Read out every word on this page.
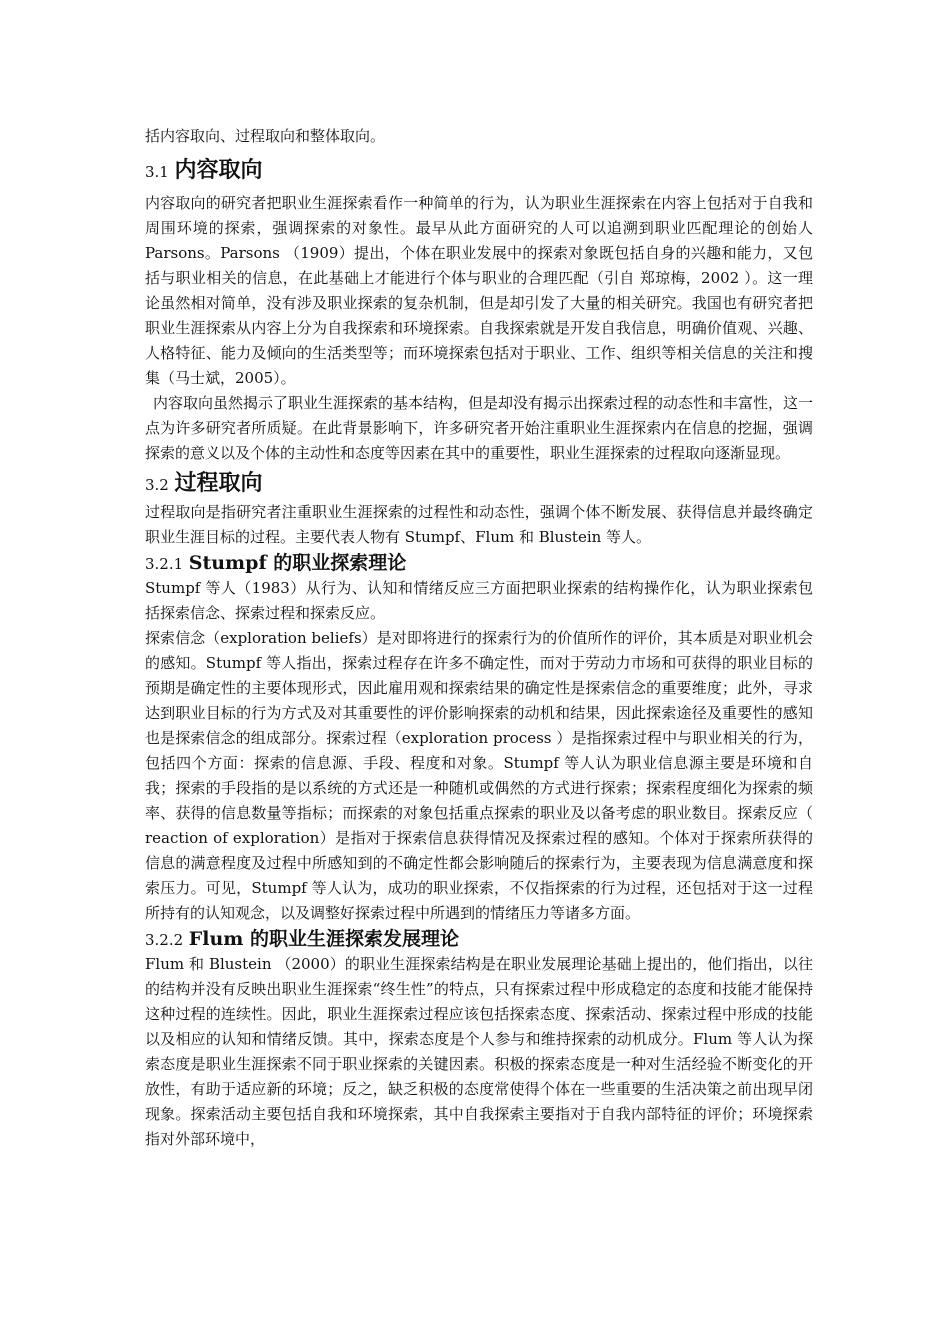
括内容取向、过程取向和整体取向。

3.1 内容取向

内容取向的研究者把职业生涯探索看作一种简单的行为，认为职业生涯探索在内容上包括对于自我和周围环境的探索，强调探索的对象性。最早从此方面研究的人可以追溯到职业匹配理论的创始人 Parsons。Parsons （1909）提出，个体在职业发展中的探索对象既包括自身的兴趣和能力，又包括与职业相关的信息，在此基础上才能进行个体与职业的合理匹配（引自 郑琼梅，2002 ）。这一理论虽然相对简单，没有涉及职业探索的复杂机制，但是却引发了大量的相关研究。我国也有研究者把职业生涯探索从内容上分为自我探索和环境探索。自我探索就是开发自我信息，明确价值观、兴趣、人格特征、能力及倾向的生活类型等；而环境探索包括对于职业、工作、组织等相关信息的关注和搜集（马士斌，2005）。

内容取向虽然揭示了职业生涯探索的基本结构，但是却没有揭示出探索过程的动态性和丰富性，这一点为许多研究者所质疑。在此背景影响下，许多研究者开始注重职业生涯探索内在信息的挖掘，强调探索的意义以及个体的主动性和态度等因素在其中的重要性，职业生涯探索的过程取向逐渐显现。

3.2 过程取向

过程取向是指研究者注重职业生涯探索的过程性和动态性，强调个体不断发展、获得信息并最终确定职业生涯目标的过程。主要代表人物有 Stumpf、Flum 和 Blustein 等人。

3.2.1 Stumpf 的职业探索理论

Stumpf 等人（1983）从行为、认知和情绪反应三方面把职业探索的结构操作化，认为职业探索包括探索信念、探索过程和探索反应。

探索信念（exploration beliefs）是对即将进行的探索行为的价值所作的评价，其本质是对职业机会的感知。Stumpf 等人指出，探索过程存在许多不确定性，而对于劳动力市场和可获得的职业目标的预期是确定性的主要体现形式，因此雇用观和探索结果的确定性是探索信念的重要维度；此外，寻求达到职业目标的行为方式及对其重要性的评价影响探索的动机和结果，因此探索途径及重要性的感知也是探索信念的组成部分。探索过程（exploration process ）是指探索过程中与职业相关的行为，包括四个方面：探索的信息源、手段、程度和对象。Stumpf 等人认为职业信息源主要是环境和自我；探索的手段指的是以系统的方式还是一种随机或偶然的方式进行探索；探索程度细化为探索的频率、获得的信息数量等指标；而探索的对象包括重点探索的职业及以备考虑的职业数目。探索反应（ reaction of exploration）是指对于探索信息获得情况及探索过程的感知。个体对于探索所获得的信息的满意程度及过程中所感知到的不确定性都会影响随后的探索行为，主要表现为信息满意度和探索压力。可见，Stumpf 等人认为，成功的职业探索，不仅指探索的行为过程，还包括对于这一过程所持有的认知观念，以及调整好探索过程中所遇到的情绪压力等诸多方面。

3.2.2 Flum 的职业生涯探索发展理论

Flum 和 Blustein （2000）的职业生涯探索结构是在职业发展理论基础上提出的，他们指出，以往的结构并没有反映出职业生涯探索“终生性”的特点，只有探索过程中形成稳定的态度和技能才能保持这种过程的连续性。因此，职业生涯探索过程应该包括探索态度、探索活动、探索过程中形成的技能以及相应的认知和情绪反馈。其中，探索态度是个人参与和维持探索的动机成分。Flum 等人认为探索态度是职业生涯探索不同于职业探索的关键因素。积极的探索态度是一种对生活经验不断变化的开放性，有助于适应新的环境；反之，缺乏积极的态度常使得个体在一些重要的生活决策之前出现早闭现象。探索活动主要包括自我和环境探索，其中自我探索主要指对于自我内部特征的评价；环境探索指对外部环境中，
